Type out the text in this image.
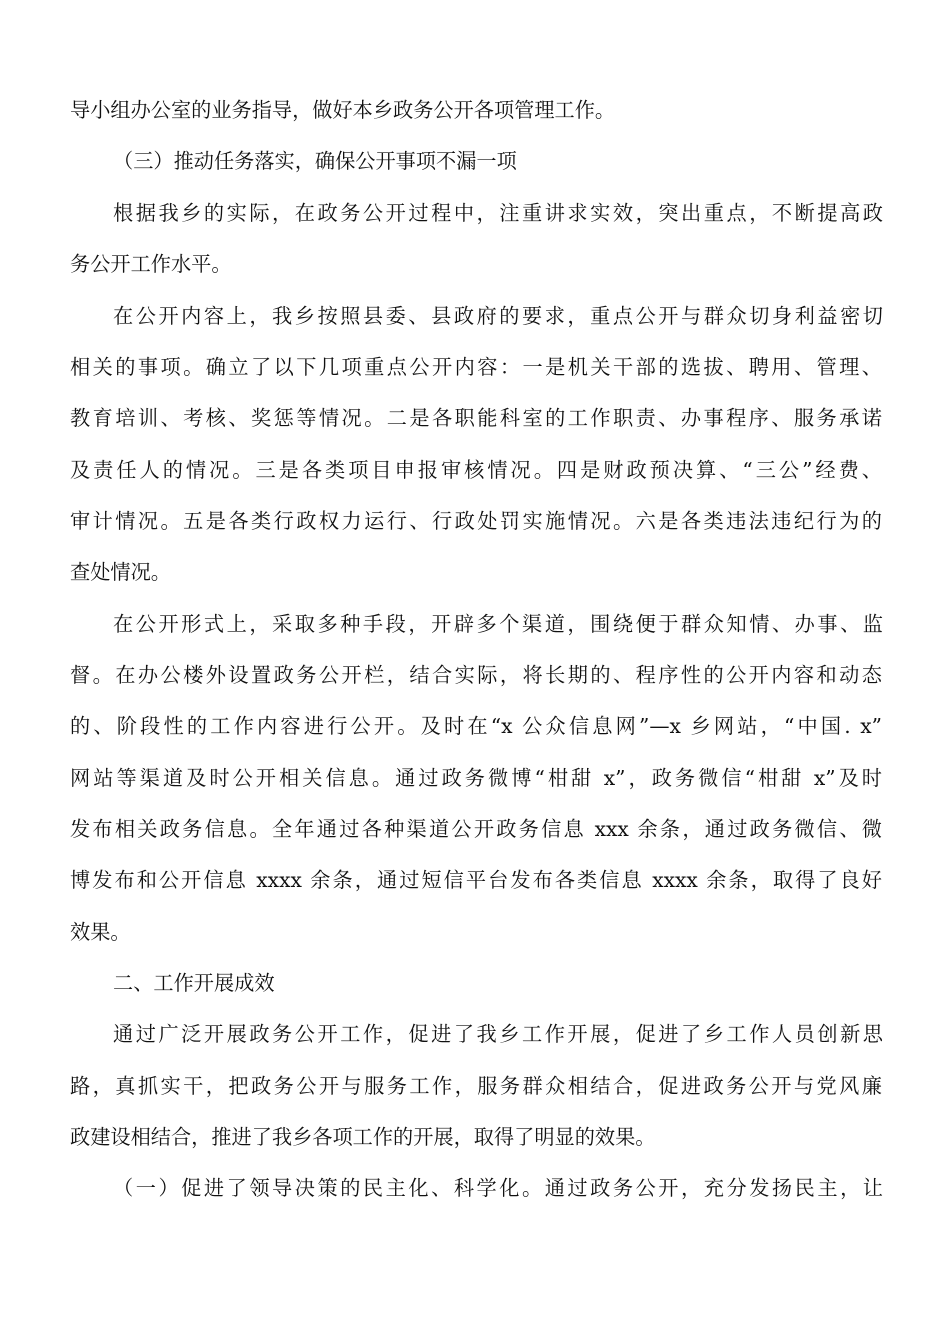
导小组办公室的业务指导，做好本乡政务公开各项管理工作。
（三）推动任务落实，确保公开事项不漏一项
根据我乡的实际，在政务公开过程中，注重讲求实效，突出重点，不断提高政
务公开工作水平。
在公开内容上，我乡按照县委、县政府的要求，重点公开与群众切身利益密切
相关的事项。确立了以下几项重点公开内容：一是机关干部的选拔、聘用、管理、
教育培训、考核、奖惩等情况。二是各职能科室的工作职责、办事程序、服务承诺
及责任人的情况。三是各类项目申报审核情况。四是财政预决算、“三公”经费、
审计情况。五是各类行政权力运行、行政处罚实施情况。六是各类违法违纪行为的
查处情况。
在公开形式上，采取多种手段，开辟多个渠道，围绕便于群众知情、办事、监
督。在办公楼外设置政务公开栏，结合实际，将长期的、程序性的公开内容和动态
的、阶段性的工作内容进行公开。及时在“x 公众信息网”—x 乡网站，“中国. x”
网站等渠道及时公开相关信息。通过政务微博“柑甜 x”，政务微信“柑甜 x”及时
发布相关政务信息。全年通过各种渠道公开政务信息 xxx 余条，通过政务微信、微
博发布和公开信息 xxxx 余条，通过短信平台发布各类信息 xxxx 余条，取得了良好
效果。
二、工作开展成效
通过广泛开展政务公开工作，促进了我乡工作开展，促进了乡工作人员创新思
路，真抓实干，把政务公开与服务工作，服务群众相结合，促进政务公开与党风廉
政建设相结合，推进了我乡各项工作的开展，取得了明显的效果。
（一）促进了领导决策的民主化、科学化。通过政务公开，充分发扬民主，让
